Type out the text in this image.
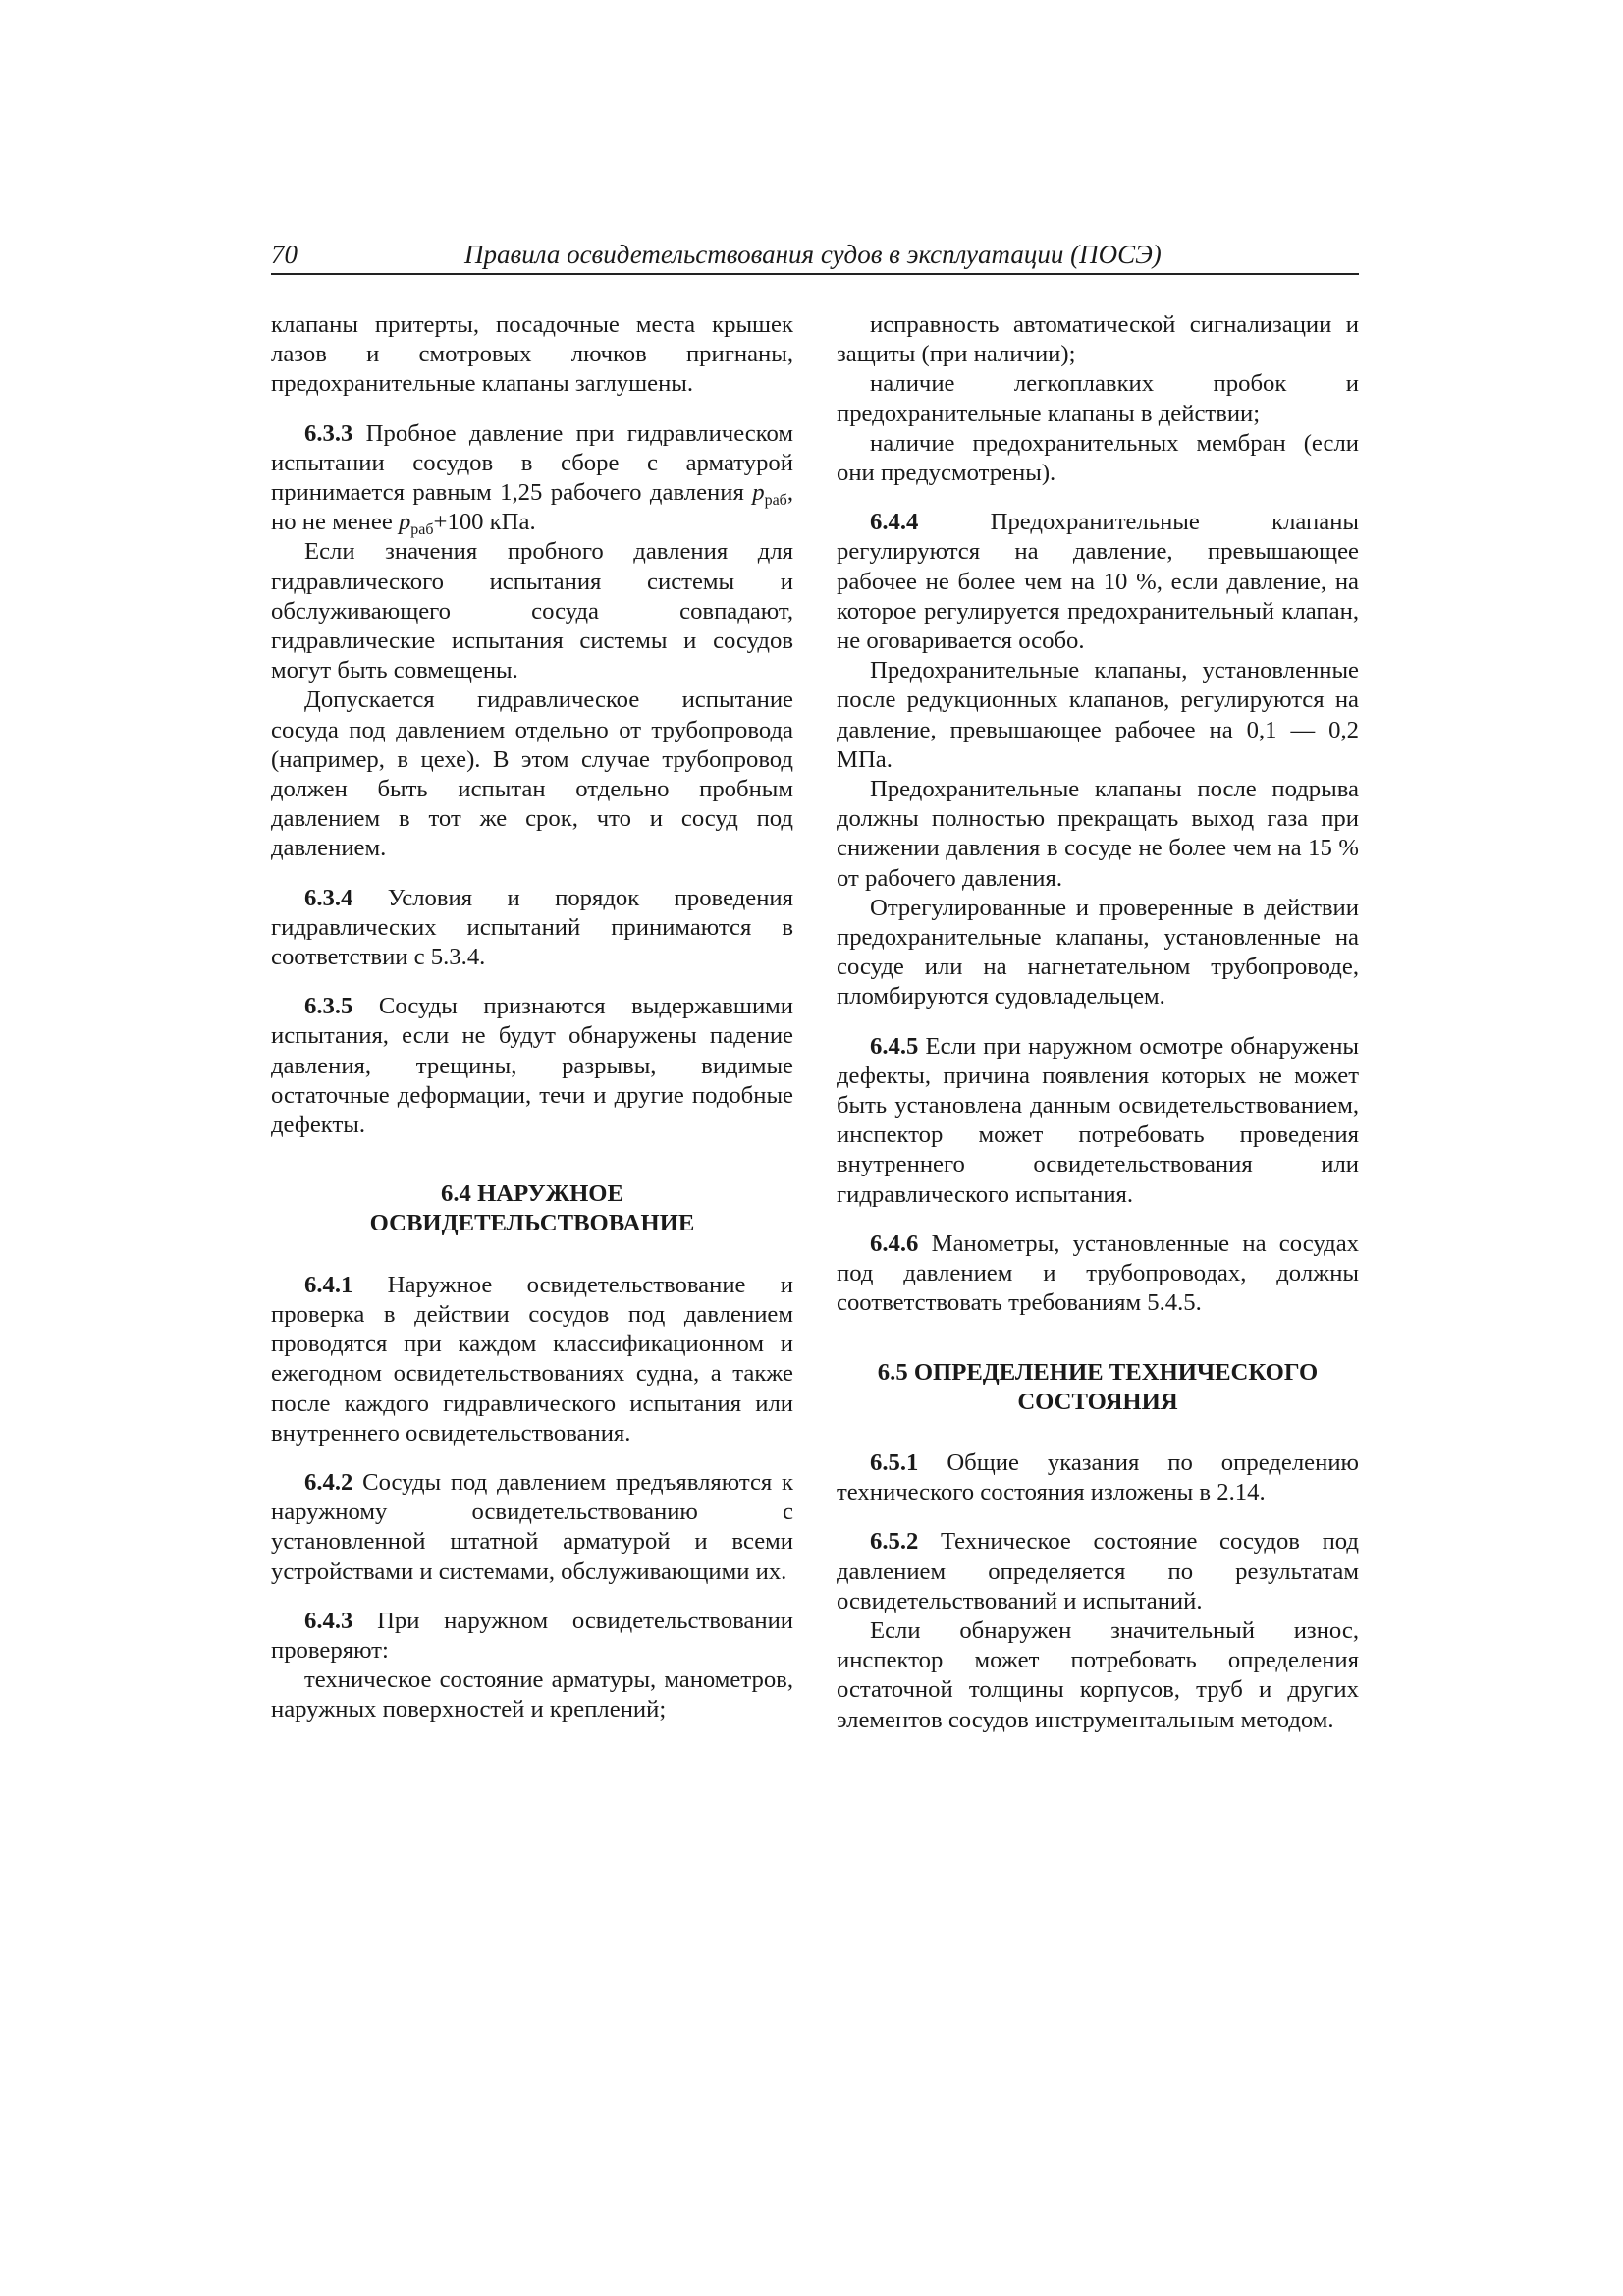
70	Правила освидетельствования судов в эксплуатации (ПОСЭ)

клапаны притерты, посадочные места крышек лазов и смотровых лючков пригнаны, предохранительные клапаны заглушены.

6.3.3 Пробное давление при гидравлическом испытании сосудов в сборе с арматурой принимается равным 1,25 рабочего давления $p_{раб}$, но не менее $p_{раб}+100$ кПа.

Если значения пробного давления для гидравлического испытания системы и обслуживающего сосуда совпадают, гидравлические испытания системы и сосудов могут быть совмещены.

Допускается гидравлическое испытание сосуда под давлением отдельно от трубопровода (например, в цехе). В этом случае трубопровод должен быть испытан отдельно пробным давлением в тот же срок, что и сосуд под давлением.

6.3.4 Условия и порядок проведения гидравлических испытаний принимаются в соответствии с 5.3.4.

6.3.5 Сосуды признаются выдержавшими испытания, если не будут обнаружены падение давления, трещины, разрывы, видимые остаточные деформации, течи и другие подобные дефекты.

6.4 НАРУЖНОЕ
ОСВИДЕТЕЛЬСТВОВАНИЕ

6.4.1 Наружное освидетельствование и проверка в действии сосудов под давлением проводятся при каждом классификационном и ежегодном освидетельствованиях судна, а также после каждого гидравлического испытания или внутреннего освидетельствования.

6.4.2 Сосуды под давлением предъявляются к наружному освидетельствованию с установленной штатной арматурой и всеми устройствами и системами, обслуживающими их.

6.4.3 При наружном освидетельствовании проверяют:

техническое состояние арматуры, манометров, наружных поверхностей и креплений;

исправность автоматической сигнализации и защиты (при наличии);

наличие легкоплавких пробок и предохранительные клапаны в действии;

наличие предохранительных мембран (если они предусмотрены).

6.4.4 Предохранительные клапаны регулируются на давление, превышающее рабочее не более чем на 10 %, если давление, на которое регулируется предохранительный клапан, не оговаривается особо.

Предохранительные клапаны, установленные после редукционных клапанов, регулируются на давление, превышающее рабочее на 0,1 — 0,2 МПа.

Предохранительные клапаны после подрыва должны полностью прекращать выход газа при снижении давления в сосуде не более чем на 15 % от рабочего давления.

Отрегулированные и проверенные в действии предохранительные клапаны, установленные на сосуде или на нагнетательном трубопроводе, пломбируются судовладельцем.

6.4.5 Если при наружном осмотре обнаружены дефекты, причина появления которых не может быть установлена данным освидетельствованием, инспектор может потребовать проведения внутреннего освидетельствования или гидравлического испытания.

6.4.6 Манометры, установленные на сосудах под давлением и трубопроводах, должны соответствовать требованиям 5.4.5.

6.5 ОПРЕДЕЛЕНИЕ ТЕХНИЧЕСКОГО
СОСТОЯНИЯ

6.5.1 Общие указания по определению технического состояния изложены в 2.14.

6.5.2 Техническое состояние сосудов под давлением определяется по результатам освидетельствований и испытаний.

Если обнаружен значительный износ, инспектор может потребовать определения остаточной толщины корпусов, труб и других элементов сосудов инструментальным методом.
